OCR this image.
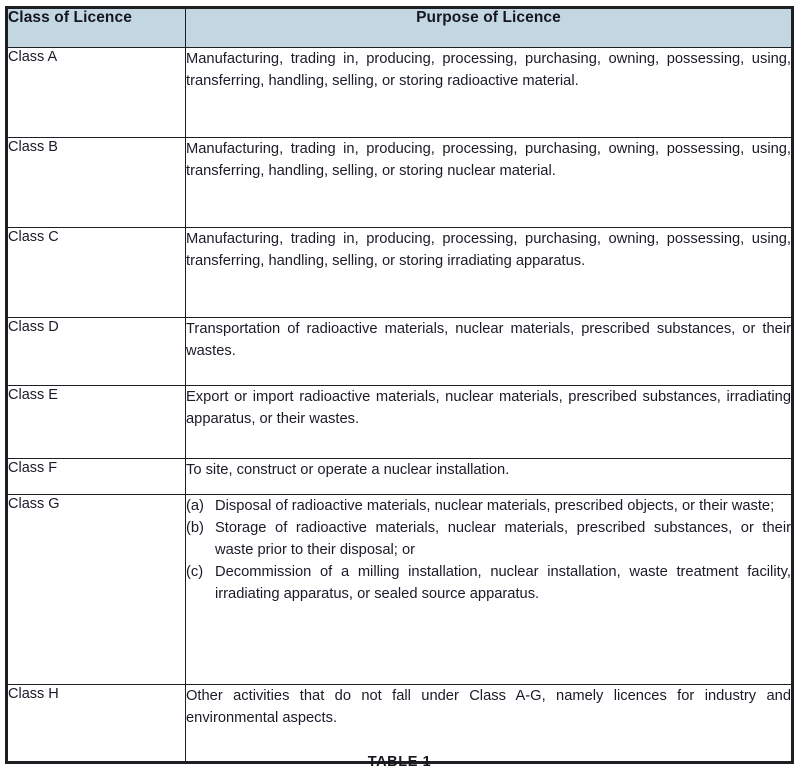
Class of Licence	Purpose of Licence
Class A	Manufacturing, trading in, producing, processing, purchasing, owning, possessing, using, transferring, handling, selling, or storing radioactive material.

Class B	Manufacturing, trading in, producing, processing, purchasing, owning, possessing, using, transferring, handling, selling, or storing nuclear material.

Class C	Manufacturing, trading in, producing, processing, purchasing, owning, possessing, using, transferring, handling, selling, or storing irradiating apparatus.

Class D	Transportation of radioactive materials, nuclear materials, prescribed substances, or their wastes.

Class E	Export or import radioactive materials, nuclear materials, prescribed substances, irradiating apparatus, or their wastes.

Class F	To site, construct or operate a nuclear installation.

Class G	(a) Disposal of radioactive materials, nuclear materials, prescribed objects, or their waste;
(b) Storage of radioactive materials, nuclear materials, prescribed substances, or their waste prior to their disposal; or
(c) Decommission of a milling installation, nuclear installation, waste treatment facility, irradiating apparatus, or sealed source apparatus.

Class H	Other activities that do not fall under Class A-G, namely licences for industry and environmental aspects.

TABLE 1
